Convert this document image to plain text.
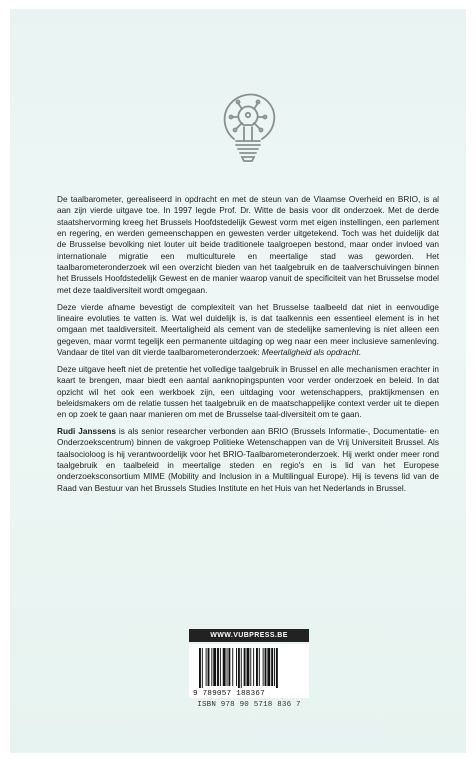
De taalbarometer, gerealiseerd in opdracht en met de steun van de Vlaamse Overheid en BRIO, is al aan zijn vierde uitgave toe. In 1997 legde Prof. Dr. Witte de basis voor dit onderzoek. Met de derde staatshervorming kreeg het Brussels Hoofdstedelijk Gewest vorm met eigen instellingen, een parlement en regering, en werden gemeenschappen en gewesten verder uitgetekend. Toch was het duidelijk dat de Brusselse bevolking niet louter uit beide traditionele taalgroepen bestond, maar onder invloed van internationale migratie een multiculturele en meertalige stad was geworden. Het taalbarometeronderzoek wil een overzicht bieden van het taalgebruik en de taalverschuivingen binnen het Brussels Hoofdstedelijk Gewest en de manier waarop vanuit de specificiteit van het Brusselse model met deze taaldiversiteit wordt omgegaan.

Deze vierde afname bevestigt de complexiteit van het Brusselse taalbeeld dat niet in eenvoudige lineaire evoluties te vatten is. Wat wel duidelijk is, is dat taalkennis een essentieel element is in het omgaan met taaldiversiteit. Meertaligheid als cement van de stedelijke samenleving is niet alleen een gegeven, maar vormt tegelijk een permanente uitdaging op weg naar een meer inclusieve samenleving. Vandaar de titel van dit vierde taalbarometeronderzoek: Meertaligheid als opdracht.

Deze uitgave heeft niet de pretentie het volledige taalgebruik in Brussel en alle mechanismen erachter in kaart te brengen, maar biedt een aantal aanknopingspunten voor verder onderzoek en beleid. In dat opzicht wil het ook een werkboek zijn, een uitdaging voor wetenschappers, praktijkmensen en beleidsmakers om de relatie tussen het taalgebruik en de maatschappelijke context verder uit te diepen en op zoek te gaan naar manieren om met de Brusselse taal-diversiteit om te gaan.

Rudi Janssens is als senior researcher verbonden aan BRIO (Brussels Informatie-, Documentatie- en Onderzoekscentrum) binnen de vakgroep Politieke Wetenschappen van de Vrij Universiteit Brussel. Als taalsocioloog is hij verantwoordelijk voor het BRIO-Taalbarometeronderzoek. Hij werkt onder meer rond taalgebruik en taalbeleid in meertalige steden en regio's en is lid van het Europese onderzoeksconsortium MIME (Mobility and Inclusion in a Multilingual Europe). Hij is tevens lid van de Raad van Bestuur van het Brussels Studies Institute en het Huis van het Nederlands in Brussel.

WWW.VUBPRESS.BE
9 789057 188367
ISBN 978 90 5718 836 7
